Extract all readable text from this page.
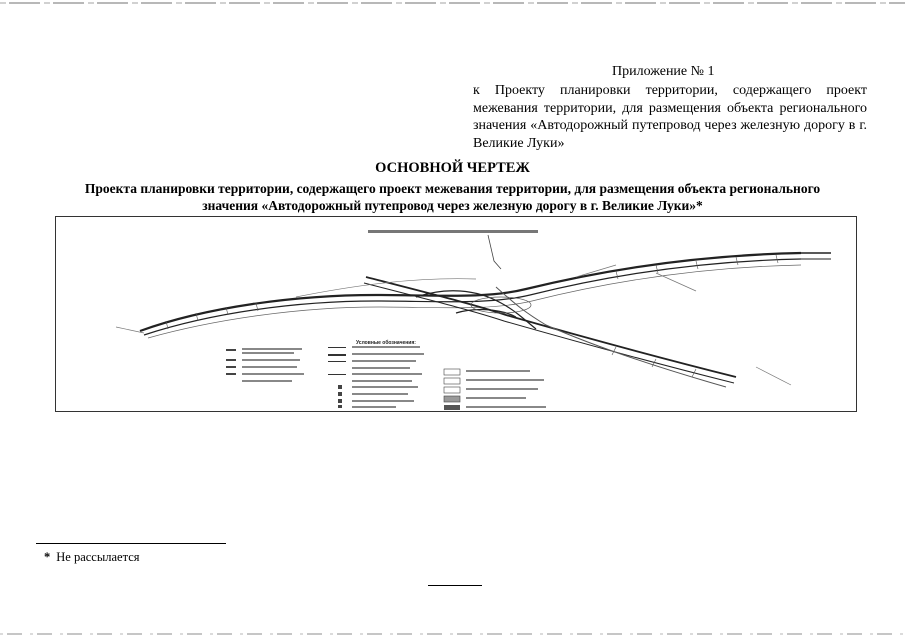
Приложение № 1
к Проекту планировки территории, содержащего проект межевания территории, для размещения объекта регионального значения «Автодорожный путепровод через железную дорогу в г. Великие Луки»
ОСНОВНОЙ ЧЕРТЕЖ
Проекта планировки территории, содержащего проект межевания территории, для размещения объекта регионального значения «Автодорожный путепровод через железную дорогу в г. Великие Луки»*
Условные обозначения:
* Не рассылается
